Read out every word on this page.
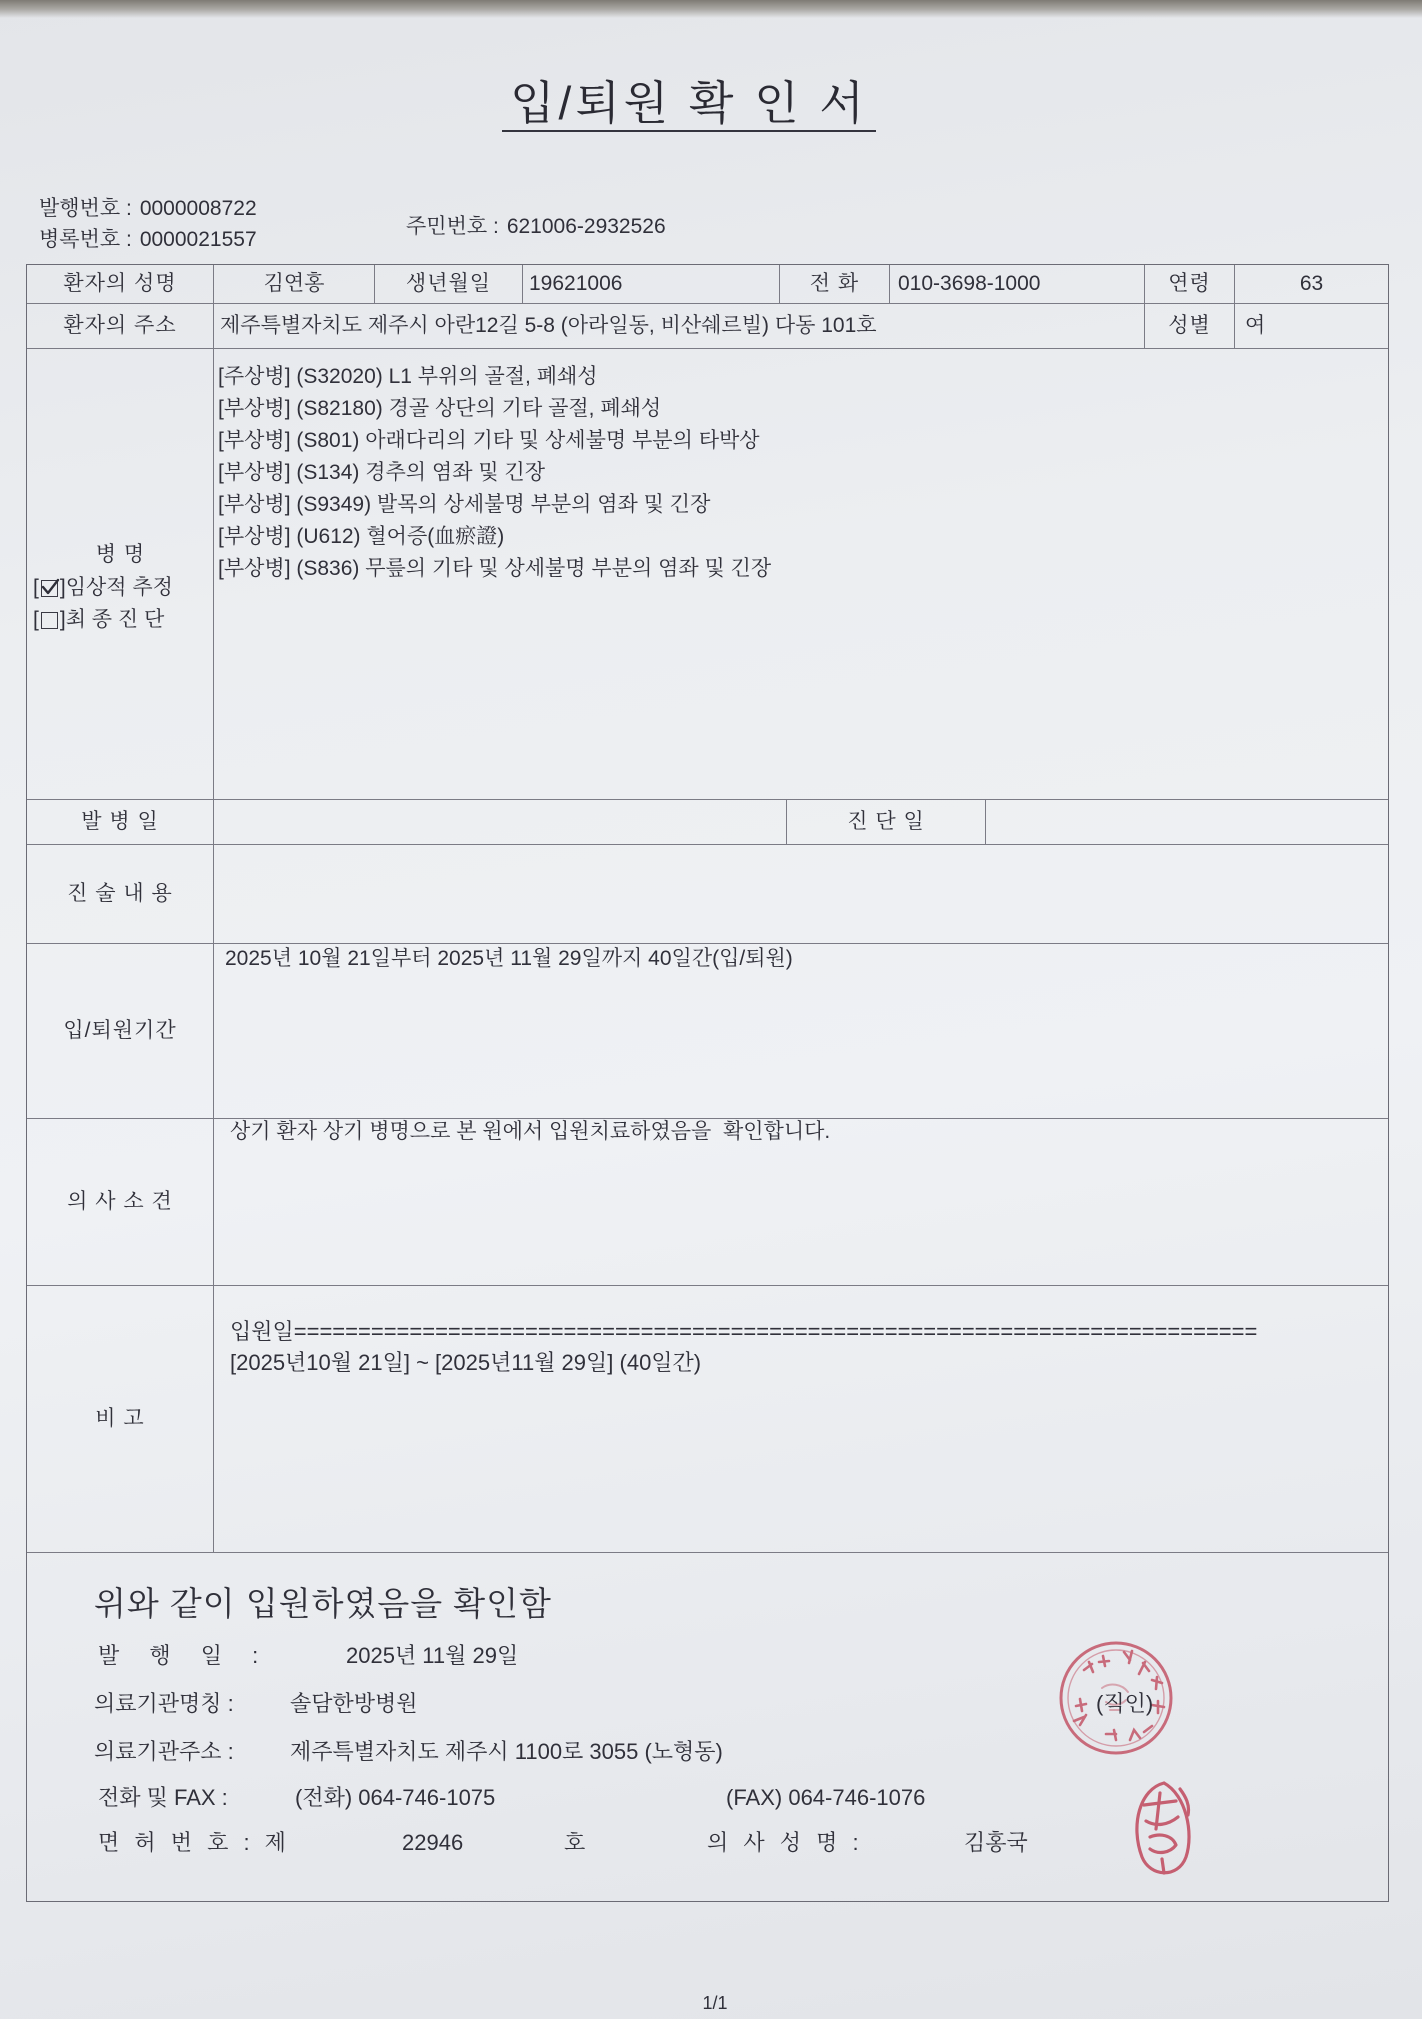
입/퇴원 확 인 서
발행번호 : 0000008722
병록번호 : 0000021557
주민번호 : 621006-2932526
환자의 성명	김연홍	생년월일 19621006	전 화 010-3698-1000	연령	63
환자의 주소 제주특별자치도 제주시 아란12길 5-8 (아라일동, 비산쉐르빌) 다동 101호	성별 여
병 명
[ ] 임상적 추정
[ ] 최 종 진 단
[주상병] (S32020) L1 부위의 골절, 폐쇄성
[부상병] (S82180) 경골 상단의 기타 골절, 폐쇄성
[부상병] (S801) 아래다리의 기타 및 상세불명 부분의 타박상
[부상병] (S134) 경추의 염좌 및 긴장
[부상병] (S9349) 발목의 상세불명 부분의 염좌 및 긴장
[부상병] (U612) 혈어증(血瘀證)
[부상병] (S836) 무릎의 기타 및 상세불명 부분의 염좌 및 긴장
발 병 일	진 단 일
진 술 내 용
입/퇴원기간
2025년 10월 21일부터 2025년 11월 29일까지 40일간(입/퇴원)
의 사 소 견
상기 환자 상기 병명으로 본 원에서 입원치료하였음을  확인합니다.
비 고
입원일===========================================================================
[2025년10월 21일] ~ [2025년11월 29일] (40일간)
위와 같이 입원하였음을 확인함
발 행 일 :	2025년 11월 29일
의료기관명칭 :	솔담한방병원
의료기관주소 :	제주특별자치도 제주시 1100로 3055 (노형동)
전화 및 FAX :	(전화) 064-746-1075	(FAX) 064-746-1076
면 허 번 호 : 제	22946	호	의 사 성 명 :	김홍국
(직인)
1/1
